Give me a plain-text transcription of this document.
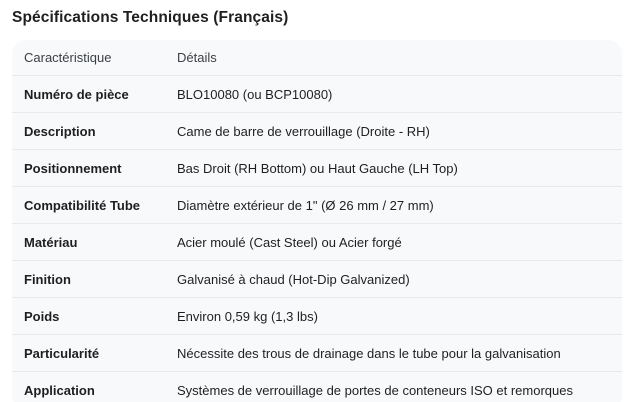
Spécifications Techniques (Français)
Caractéristique	Détails
Numéro de pièce	BLO10080 (ou BCP10080)
Description	Came de barre de verrouillage (Droite - RH)
Positionnement	Bas Droit (RH Bottom) ou Haut Gauche (LH Top)
Compatibilité Tube	Diamètre extérieur de 1" (Ø 26 mm / 27 mm)
Matériau	Acier moulé (Cast Steel) ou Acier forgé
Finition	Galvanisé à chaud (Hot-Dip Galvanized)
Poids	Environ 0,59 kg (1,3 lbs)
Particularité	Nécessite des trous de drainage dans le tube pour la galvanisation
Application	Systèmes de verrouillage de portes de conteneurs ISO et remorques
